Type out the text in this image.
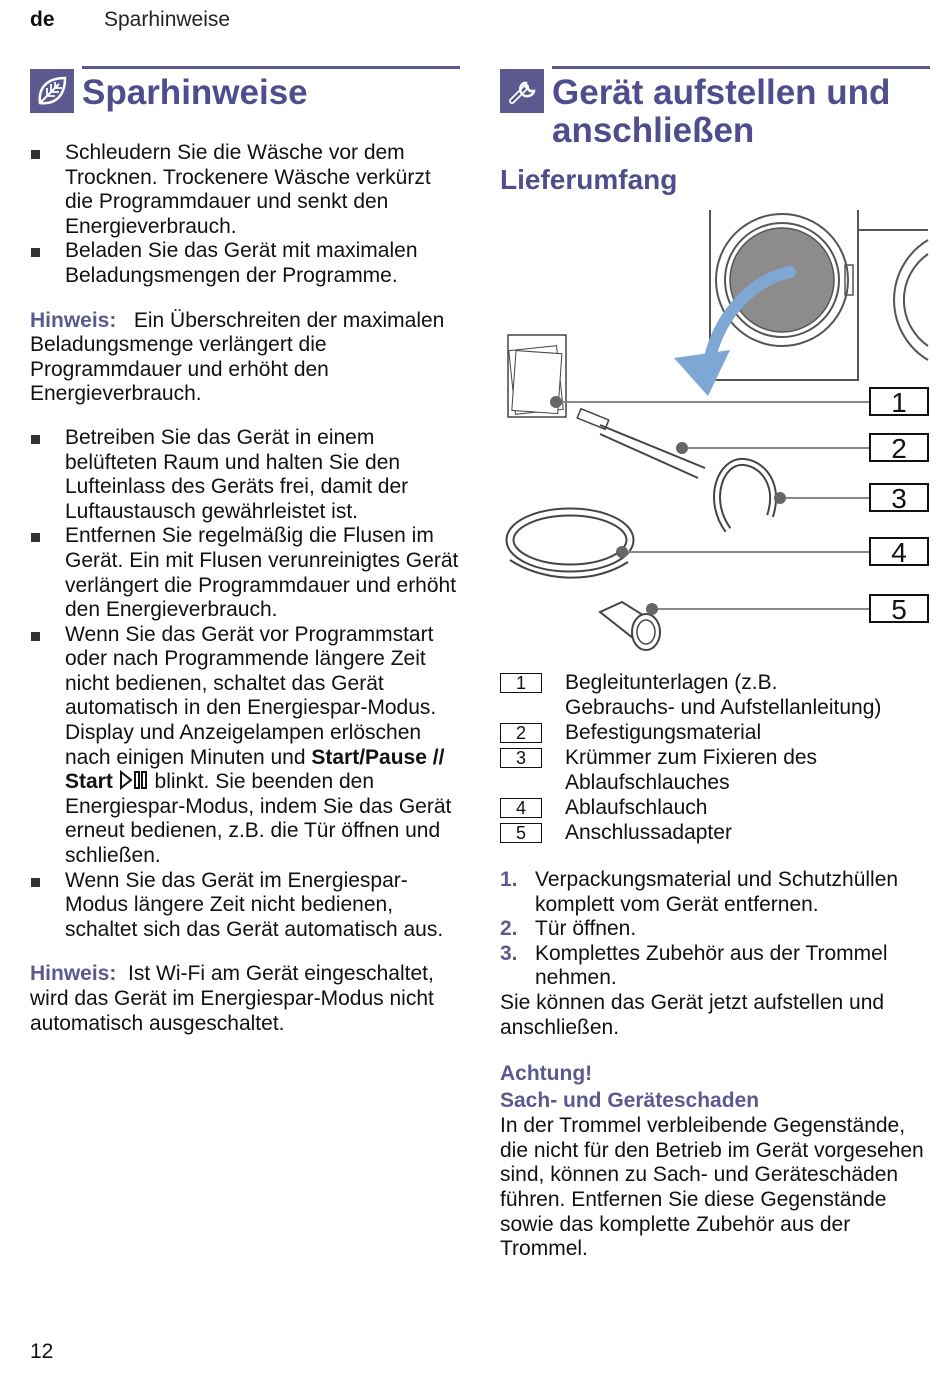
de Sparhinweise
Sparhinweise
Schleudern Sie die Wäsche vor dem Trocknen. Trockenere Wäsche verkürzt die Programmdauer und senkt den Energieverbrauch.
Beladen Sie das Gerät mit maximalen Beladungsmengen der Programme.
Hinweis: Ein Überschreiten der maximalen Beladungsmenge verlängert die Programmdauer und erhöht den Energieverbrauch.
Betreiben Sie das Gerät in einem belüfteten Raum und halten Sie den Lufteinlass des Geräts frei, damit der Luftaustausch gewährleistet ist.
Entfernen Sie regelmäßig die Flusen im Gerät. Ein mit Flusen verunreinigtes Gerät verlängert die Programmdauer und erhöht den Energieverbrauch.
Wenn Sie das Gerät vor Programmstart oder nach Programmende längere Zeit nicht bedienen, schaltet das Gerät automatisch in den Energiespar-Modus. Display und Anzeigelampen erlöschen nach einigen Minuten und Start/Pause // Start  blinkt. Sie beenden den Energiespar-Modus, indem Sie das Gerät erneut bedienen, z.B. die Tür öffnen und schließen.
Wenn Sie das Gerät im Energiespar-Modus längere Zeit nicht bedienen, schaltet sich das Gerät automatisch aus.
Hinweis: Ist Wi-Fi am Gerät eingeschaltet, wird das Gerät im Energiespar-Modus nicht automatisch ausgeschaltet.
Gerät aufstellen und
anschließen
Lieferumfang
1
2
3
4
5
1	Begleitunterlagen (z.B.
Gebrauchs- und Aufstellanleitung)
2	Befestigungsmaterial
3	Krümmer zum Fixieren des
Ablaufschlauches
4	Ablaufschlauch
5	Anschlussadapter
1. Verpackungsmaterial und Schutzhüllen komplett vom Gerät entfernen.
2. Tür öffnen.
3. Komplettes Zubehör aus der Trommel nehmen.
Sie können das Gerät jetzt aufstellen und anschließen.
Achtung!
Sach- und Geräteschaden
In der Trommel verbleibende Gegenstände, die nicht für den Betrieb im Gerät vorgesehen sind, können zu Sach- und Geräteschäden führen. Entfernen Sie diese Gegenstände sowie das komplette Zubehör aus der Trommel.
12
